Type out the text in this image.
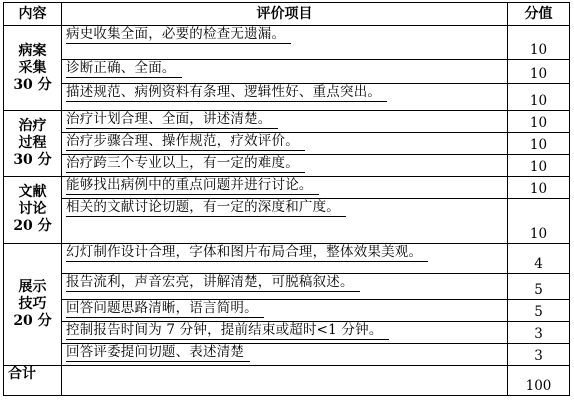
内容	评价项目	分值

病案
采集
30 分	病史收集全面，必要的检查无遗漏。	10
	诊断正确、全面。	10
	描述规范、病例资料有条理、逻辑性好、重点突出。	10

治疗
过程
30 分	治疗计划合理、全面，讲述清楚。	10
	治疗步骤合理、操作规范，疗效评价。	10
	治疗跨三个专业以上，有一定的难度。	10

文献
讨论
20 分	能够找出病例中的重点问题并进行讨论。	10
	相关的文献讨论切题，有一定的深度和广度。	10

展示
技巧
20 分	幻灯制作设计合理，字体和图片布局合理，整体效果美观。	4
	报告流利，声音宏亮，讲解清楚，可脱稿叙述。	5
	回答问题思路清晰，语言简明。	5
	控制报告时间为 7 分钟，提前结束或超时<1 分钟。	3
	回答评委提问切题、表述清楚	3
合计		100
